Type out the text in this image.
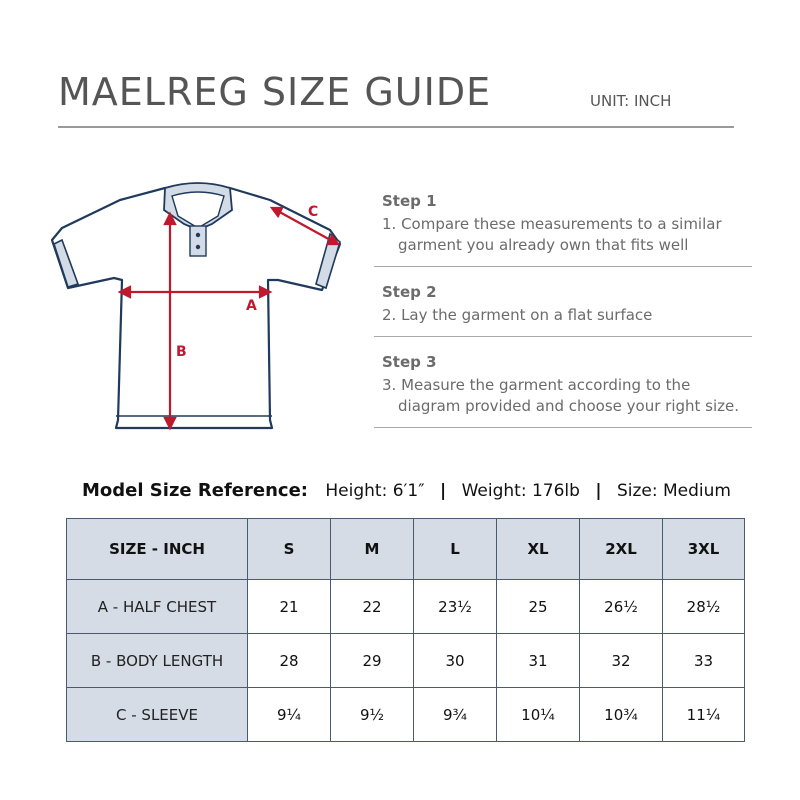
MAELREG SIZE GUIDE	UNIT: INCH
A
B
C
Step 1
1. Compare these measurements to a similar garment you already own that fits well
Step 2
2. Lay the garment on a flat surface
Step 3
3. Measure the garment according to the diagram provided and choose your right size.
Model Size Reference: Height: 6′1″ | Weight: 176lb | Size: Medium
SIZE - INCH	S	M	L	XL	2XL	3XL
A - HALF CHEST	21	22	23½	25	26½	28½
B - BODY LENGTH	28	29	30	31	32	33
C - SLEEVE	9¼	9½	9¾	10¼	10¾	11¼
